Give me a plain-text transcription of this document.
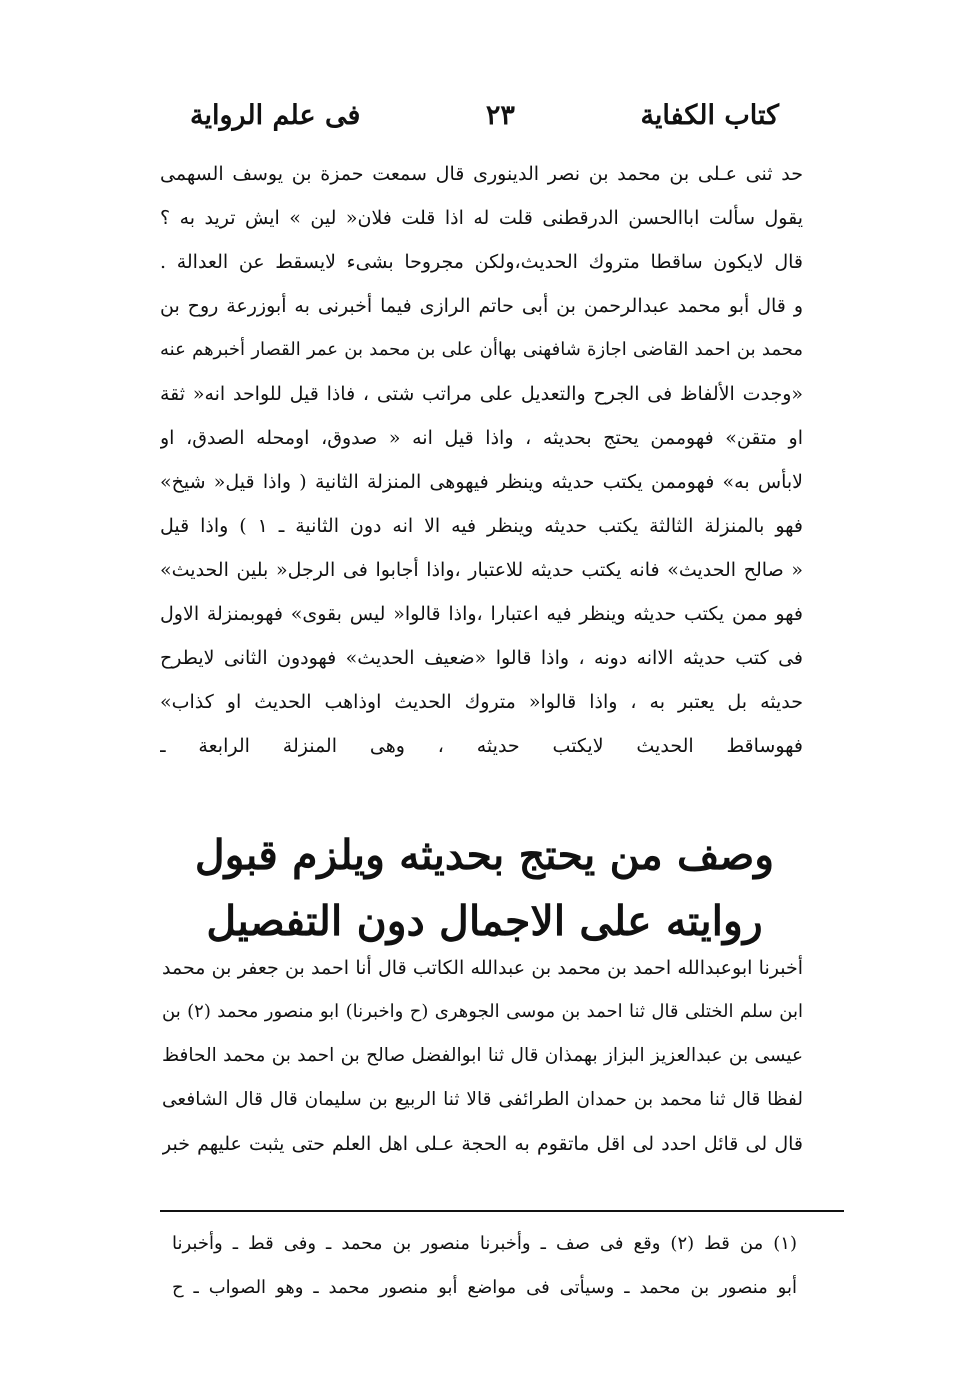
كتاب الكفاية
٢٣
فى علم الرواية
حد ثنى عـلى بن محمد بن نصر الدينورى قال سمعت حمزة بن يوسف السهمى
يقول سألت اباالحسن الدرقطنى قلت له اذا قلت فلان« لين » ايش تريد به ؟
قال لايكون ساقطا متروك الحديث،ولكن مجروحا بشىء لايسقط عن العدالة .
و قال أبو محمد عبدالرحمن بن أبى حاتم الرازى فيما أخبرنى به أبوزرعة روح بن
محمد بن احمد القاضى اجازة شافهنى بهاأن على بن محمد بن عمر القصار أخبرهم عنه
«وجدت الألفاظ فى الجرح والتعديل على مراتب شتى ، فاذا قيل للواحد انه« ثقة
او متقن» فهوممن يحتج بحديثه ، واذا قيل انه « صدوق، اومحله الصدق، او
لابأس به» فهوممن يكتب حديثه وينظر فيهوهى المنزلة الثانية ( واذا قيل« شيخ»
فهو بالمنزلة الثالثة يكتب حديثه وينظر فيه الا انه دون الثانية ـ ١ ) واذا قيل
« صالح الحديث» فانه يكتب حديثه للاعتبار ،واذا أجابوا فى الرجل« بلين الحديث»
فهو ممن يكتب حديثه وينظر فيه اعتبارا ،واذا قالوا« ليس بقوى» فهوبمنزلة الاول
فى كتب حديثه الاانه دونه ، واذا قالوا «ضعيف الحديث» فهودون الثانى لايطرح
حديثه بل يعتبر به ، واذا قالوا« متروك الحديث اوذاهب الحديث او كذاب»
فهوساقط الحديث لايكتب حديثه ، وهى المنزلة الرابعة ـ
وصف من يحتج بحديثه ويلزم قبول
روايته على الاجمال دون التفصيل
أخبرنا ابوعبدالله احمد بن محمد بن عبدالله الكاتب قال أنا احمد بن جعفر بن محمد
ابن سلم الختلى قال ثنا احمد بن موسى الجوهرى (ح واخبرنا) ابو منصور محمد (٢) بن
عيسى بن عبدالعزيز البزاز بهمذان قال ثنا ابوالفضل صالح بن احمد بن محمد الحافظ
لفظا قال ثنا محمد بن حمدان الطرائفى قالا ثنا الربيع بن سليمان قال قال الشافعى
قال لى قائل احدد لى اقل ماتقوم به الحجة عـلى اهل العلم حتى يثبت عليهم خبر
(١) من قط (٢) وقع فى صف ـ وأخبرنا منصور بن محمد ـ وفى قط ـ وأخبرنا
أبو منصور بن محمد ـ وسيأتى فى مواضع أبو منصور محمد ـ وهو الصواب ـ ح
